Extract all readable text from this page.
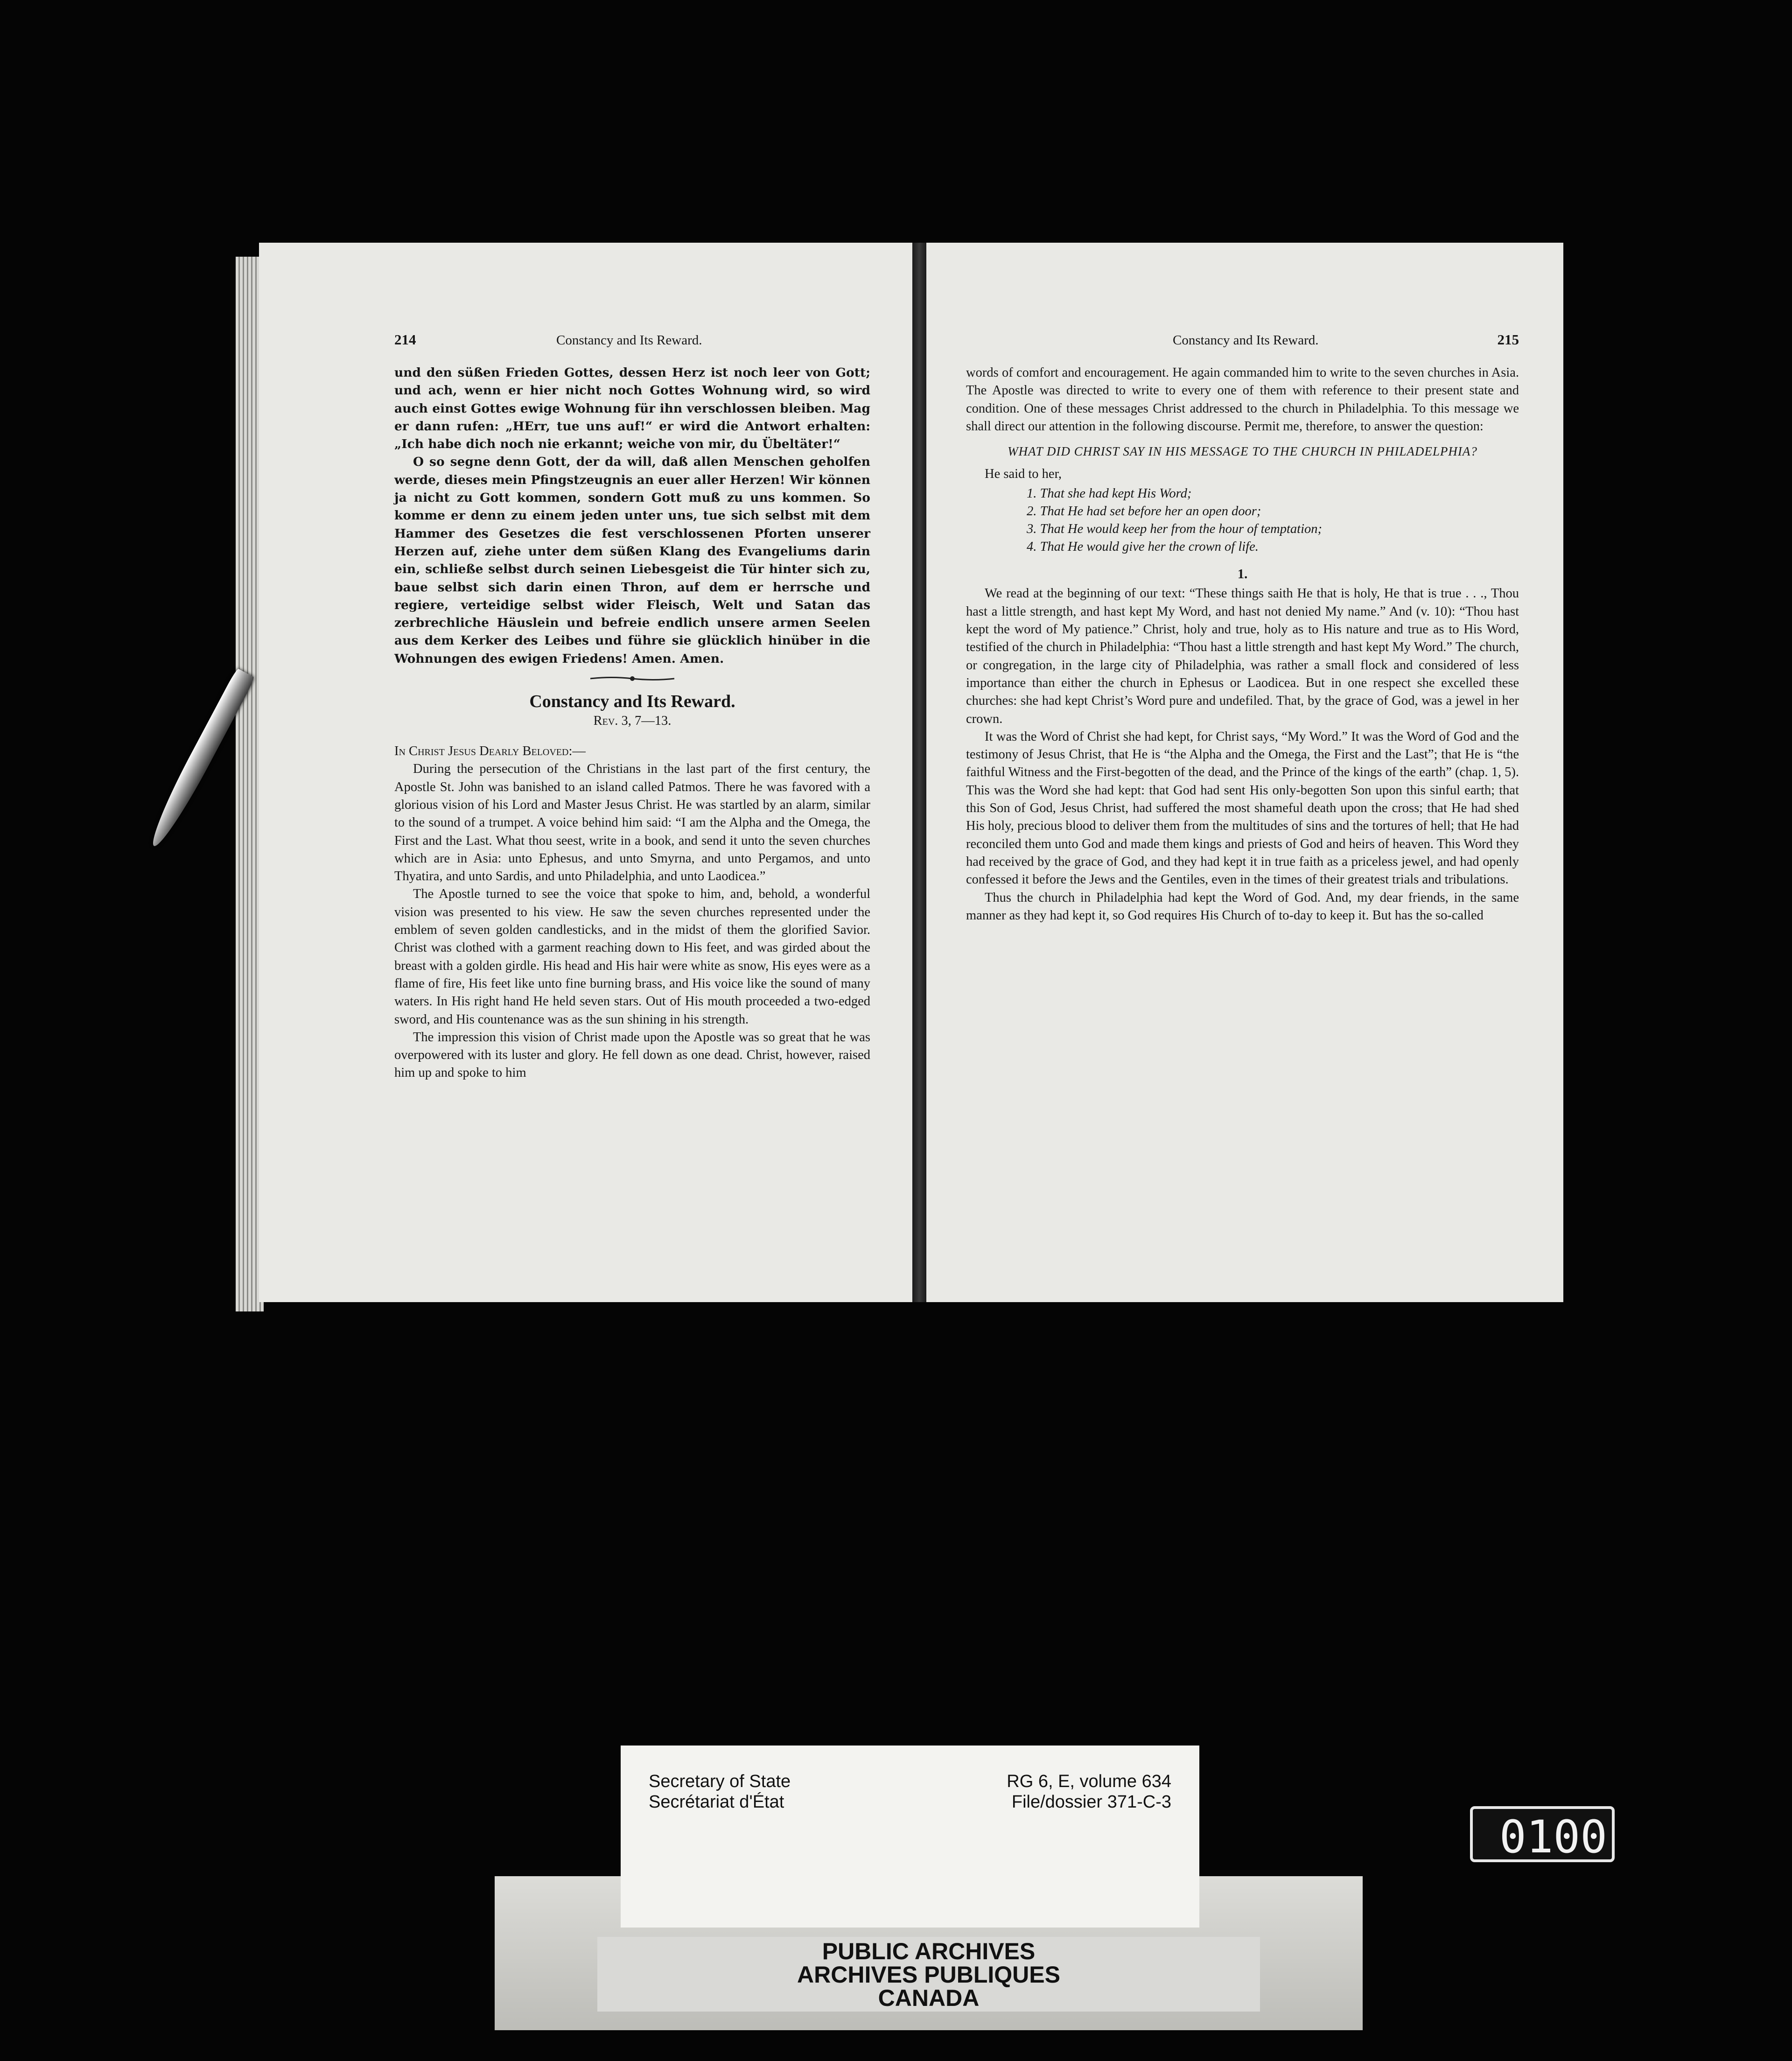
214	Constancy and Its Reward.

und den süßen Frieden Gottes, dessen Herz ist noch leer von Gott; und ach, wenn er hier nicht noch Gottes Wohnung wird, so wird auch einst Gottes ewige Wohnung für ihn verschlossen bleiben. Mag er dann rufen: „HErr, tue uns auf!“ er wird die Antwort erhalten: „Ich habe dich noch nie erkannt; weiche von mir, du Übeltäter!“

O so segne denn Gott, der da will, daß allen Menschen geholfen werde, dieses mein Pfingstzeugnis an euer aller Herzen! Wir können ja nicht zu Gott kommen, sondern Gott muß zu uns kommen. So komme er denn zu einem jeden unter uns, tue sich selbst mit dem Hammer des Gesetzes die fest verschlossenen Pforten unserer Herzen auf, ziehe unter dem süßen Klang des Evangeliums darin ein, schließe selbst durch seinen Liebesgeist die Tür hinter sich zu, baue selbst sich darin einen Thron, auf dem er herrsche und regiere, verteidige selbst wider Fleisch, Welt und Satan das zerbrechliche Häuslein und befreie endlich unsere armen Seelen aus dem Kerker des Leibes und führe sie glücklich hinüber in die Wohnungen des ewigen Friedens! Amen. Amen.

Constancy and Its Reward.
Rev. 3, 7—13.

In Christ Jesus Dearly Beloved:—

During the persecution of the Christians in the last part of the first century, the Apostle St. John was banished to an island called Patmos. There he was favored with a glorious vision of his Lord and Master Jesus Christ. He was startled by an alarm, similar to the sound of a trumpet. A voice behind him said: “I am the Alpha and the Omega, the First and the Last. What thou seest, write in a book, and send it unto the seven churches which are in Asia: unto Ephesus, and unto Smyrna, and unto Pergamos, and unto Thyatira, and unto Sardis, and unto Philadelphia, and unto Laodicea.”

The Apostle turned to see the voice that spoke to him, and, behold, a wonderful vision was presented to his view. He saw the seven churches represented under the emblem of seven golden candlesticks, and in the midst of them the glorified Savior. Christ was clothed with a garment reaching down to His feet, and was girded about the breast with a golden girdle. His head and His hair were white as snow, His eyes were as a flame of fire, His feet like unto fine burning brass, and His voice like the sound of many waters. In His right hand He held seven stars. Out of His mouth proceeded a two-edged sword, and His countenance was as the sun shining in his strength.

The impression this vision of Christ made upon the Apostle was so great that he was overpowered with its luster and glory. He fell down as one dead. Christ, however, raised him up and spoke to him

Constancy and Its Reward.	215

words of comfort and encouragement. He again commanded him to write to the seven churches in Asia. The Apostle was directed to write to every one of them with reference to their present state and condition. One of these messages Christ addressed to the church in Philadelphia. To this message we shall direct our attention in the following discourse. Permit me, therefore, to answer the question:

WHAT DID CHRIST SAY IN HIS MESSAGE TO THE CHURCH IN PHILADELPHIA?

He said to her,

1. That she had kept His Word;
2. That He had set before her an open door;
3. That He would keep her from the hour of temptation;
4. That He would give her the crown of life.
1.

We read at the beginning of our text: “These things saith He that is holy, He that is true . . ., Thou hast a little strength, and hast kept My Word, and hast not denied My name.” And (v. 10): “Thou hast kept the word of My patience.” Christ, holy and true, holy as to His nature and true as to His Word, testified of the church in Philadelphia: “Thou hast a little strength and hast kept My Word.” The church, or congregation, in the large city of Philadelphia, was rather a small flock and considered of less importance than either the church in Ephesus or Laodicea. But in one respect she excelled these churches: she had kept Christ’s Word pure and undefiled. That, by the grace of God, was a jewel in her crown.

It was the Word of Christ she had kept, for Christ says, “My Word.” It was the Word of God and the testimony of Jesus Christ, that He is “the Alpha and the Omega, the First and the Last”; that He is “the faithful Witness and the First-begotten of the dead, and the Prince of the kings of the earth” (chap. 1, 5). This was the Word she had kept: that God had sent His only-begotten Son upon this sinful earth; that this Son of God, Jesus Christ, had suffered the most shameful death upon the cross; that He had shed His holy, precious blood to deliver them from the multitudes of sins and the tortures of hell; that He had reconciled them unto God and made them kings and priests of God and heirs of heaven. This Word they had received by the grace of God, and they had kept it in true faith as a priceless jewel, and had openly confessed it before the Jews and the Gentiles, even in the times of their greatest trials and tribulations.

Thus the church in Philadelphia had kept the Word of God. And, my dear friends, in the same manner as they had kept it, so God requires His Church of to-day to keep it. But has the so-called

Secretary of State
Secrétariat d'État
RG 6, E, volume 634
File/dossier 371-C-3
PUBLIC ARCHIVES
ARCHIVES PUBLIQUES
CANADA
0100
